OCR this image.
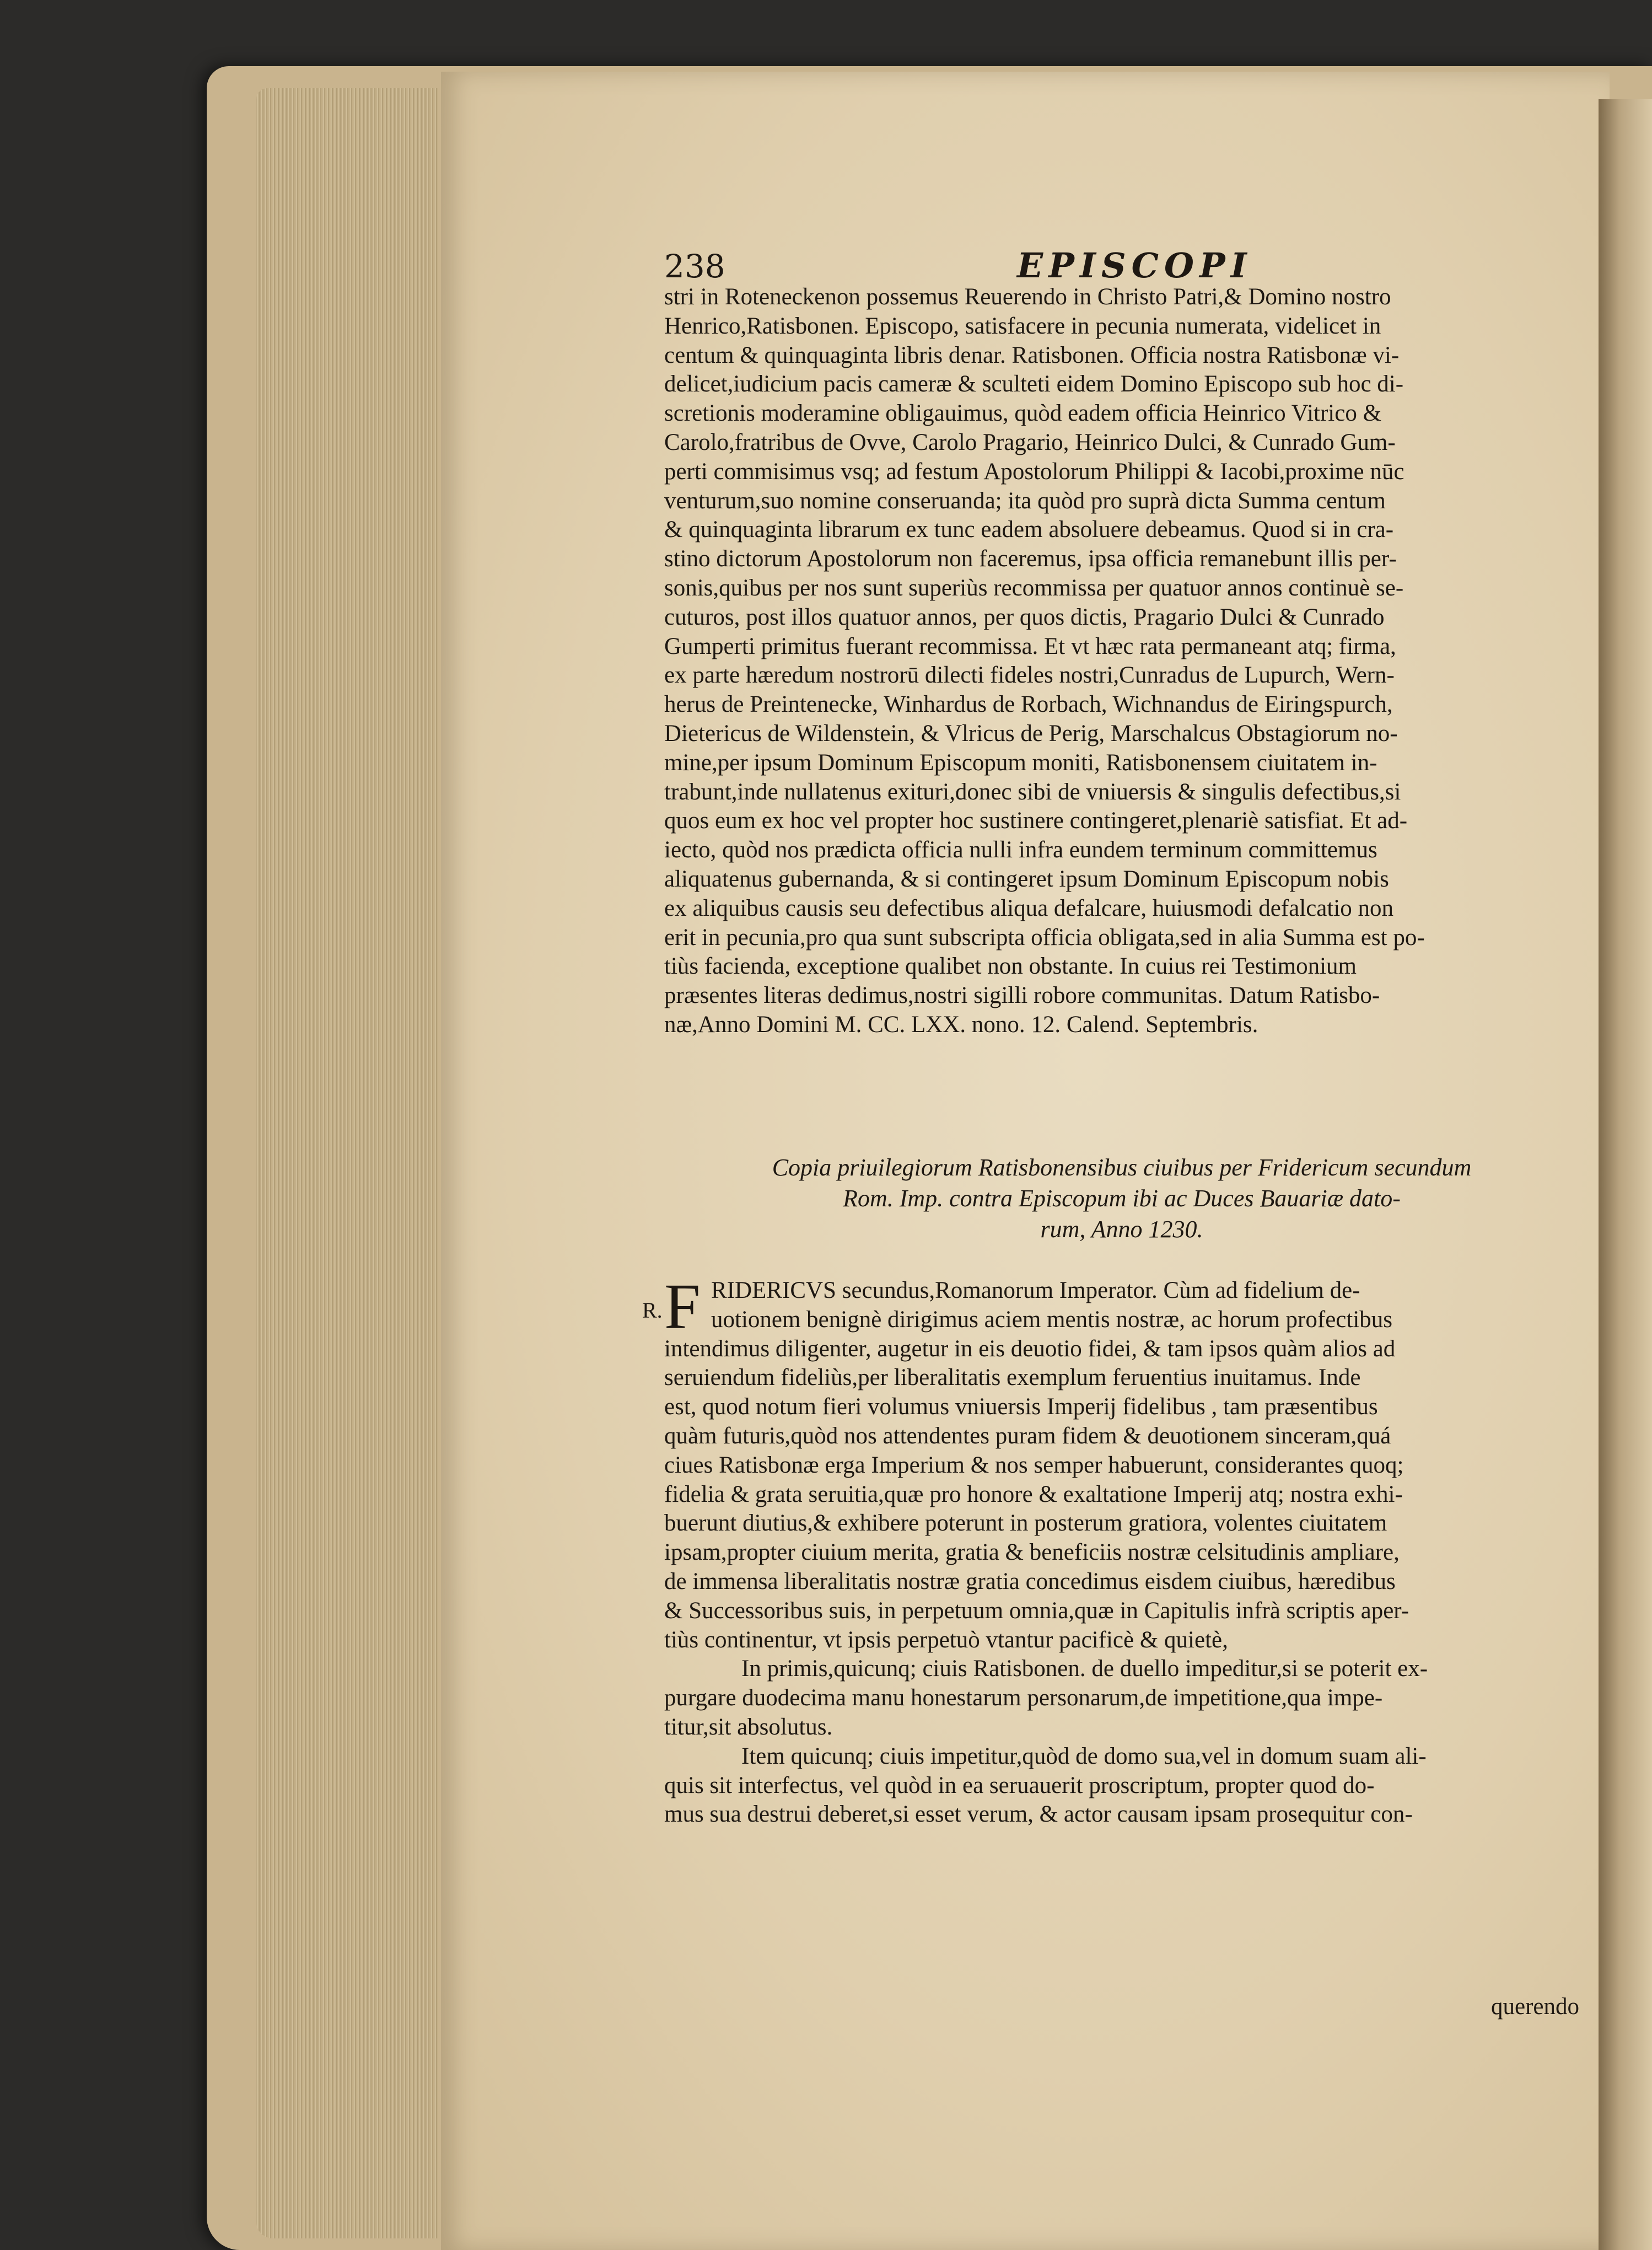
238	EPISCOPI
stri in Roteneckenon possemus Reuerendo in Christo Patri,& Domino nostro
Henrico,Ratisbonen. Episcopo, satisfacere in pecunia numerata, videlicet in
centum & quinquaginta libris denar. Ratisbonen. Officia nostra Ratisbonæ vi-
delicet,iudicium pacis cameræ & sculteti eidem Domino Episcopo sub hoc di-
scretionis moderamine obligauimus, quòd eadem officia Heinrico Vitrico &
Carolo,fratribus de Ovve, Carolo Pragario, Heinrico Dulci, & Cunrado Gum-
perti commisimus vsq; ad festum Apostolorum Philippi & Iacobi,proxime nūc
venturum,suo nomine conseruanda; ita quòd pro suprà dicta Summa centum
& quinquaginta librarum ex tunc eadem absoluere debeamus. Quod si in cra-
stino dictorum Apostolorum non faceremus, ipsa officia remanebunt illis per-
sonis,quibus per nos sunt superiùs recommissa per quatuor annos continuè se-
cuturos, post illos quatuor annos, per quos dictis, Pragario Dulci & Cunrado
Gumperti primitus fuerant recommissa. Et vt hæc rata permaneant atq; firma,
ex parte hæredum nostrorū dilecti fideles nostri,Cunradus de Lupurch, Wern-
herus de Preintenecke, Winhardus de Rorbach, Wichnandus de Eiringspurch,
Dietericus de Wildenstein, & Vlricus de Perig, Marschalcus Obstagiorum no-
mine,per ipsum Dominum Episcopum moniti, Ratisbonensem ciuitatem in-
trabunt,inde nullatenus exituri,donec sibi de vniuersis & singulis defectibus,si
quos eum ex hoc vel propter hoc sustinere contingeret,plenariè satisfiat. Et ad-
iecto, quòd nos prædicta officia nulli infra eundem terminum committemus
aliquatenus gubernanda, & si contingeret ipsum Dominum Episcopum nobis
ex aliquibus causis seu defectibus aliqua defalcare, huiusmodi defalcatio non
erit in pecunia,pro qua sunt subscripta officia obligata,sed in alia Summa est po-
tiùs facienda, exceptione qualibet non obstante. In cuius rei Testimonium
præsentes literas dedimus,nostri sigilli robore communitas. Datum Ratisbo-
næ,Anno Domini M. CC. LXX. nono. 12. Calend. Septembris.
Copia priuilegiorum Ratisbonensibus ciuibus per Fridericum secundum
Rom. Imp. contra Episcopum ibi ac Duces Bauariæ dato-
rum, Anno 1230.
R. F RIDERICVS secundus,Romanorum Imperator. Cùm ad fidelium de-
uotionem benignè dirigimus aciem mentis nostræ, ac horum profectibus
intendimus diligenter, augetur in eis deuotio fidei, & tam ipsos quàm alios ad
seruiendum fideliùs,per liberalitatis exemplum feruentius inuitamus. Inde
est, quod notum fieri volumus vniuersis Imperij fidelibus , tam præsentibus
quàm futuris,quòd nos attendentes puram fidem & deuotionem sinceram,quá
ciues Ratisbonæ erga Imperium & nos semper habuerunt, considerantes quoq;
fidelia & grata seruitia,quæ pro honore & exaltatione Imperij atq; nostra exhi-
buerunt diutius,& exhibere poterunt in posterum gratiora, volentes ciuitatem
ipsam,propter ciuium merita, gratia & beneficiis nostræ celsitudinis ampliare,
de immensa liberalitatis nostræ gratia concedimus eisdem ciuibus, hæredibus
& Successoribus suis, in perpetuum omnia,quæ in Capitulis infrà scriptis aper-
tiùs continentur, vt ipsis perpetuò vtantur pacificè & quietè,
In primis,quicunq; ciuis Ratisbonen. de duello impeditur,si se poterit ex-
purgare duodecima manu honestarum personarum,de impetitione,qua impe-
titur,sit absolutus.
Item quicunq; ciuis impetitur,quòd de domo sua,vel in domum suam ali-
quis sit interfectus, vel quòd in ea seruauerit proscriptum, propter quod do-
mus sua destrui deberet,si esset verum, & actor causam ipsam prosequitur con-
querendo
